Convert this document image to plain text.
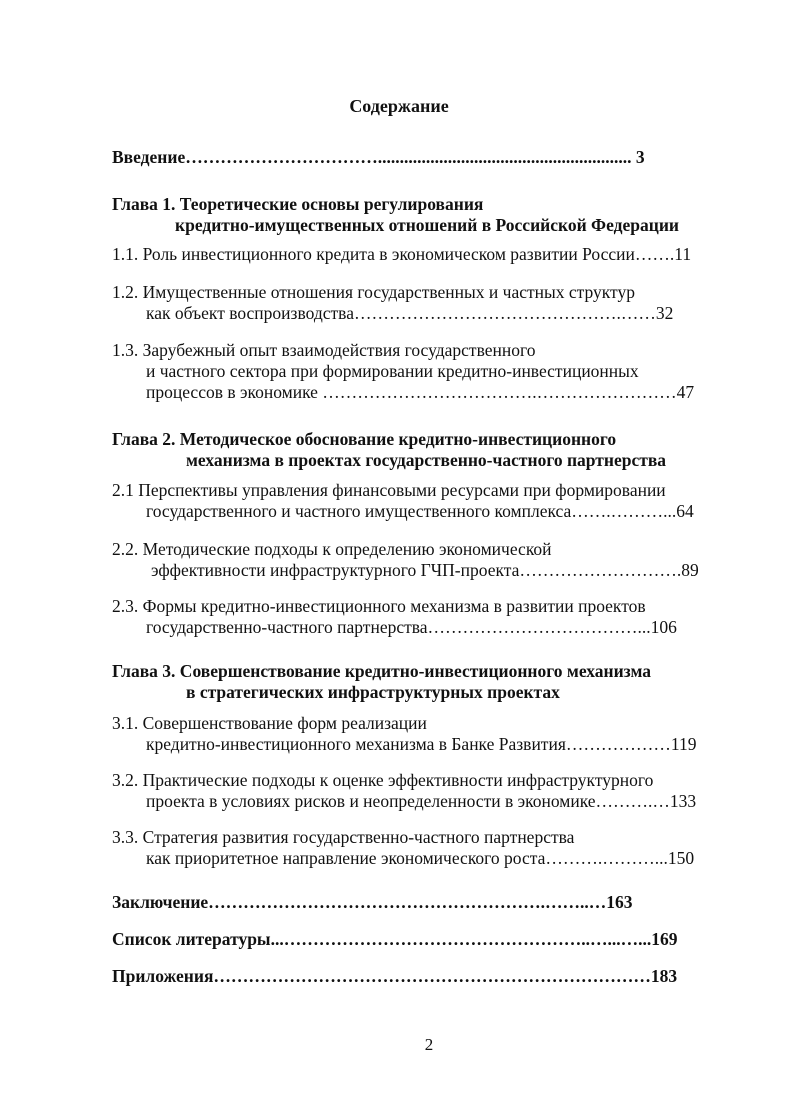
Содержание
Введение…………………………….......................................................... 3
Глава 1. Теоретические основы регулирования
кредитно-имущественных отношений в Российской Федерации
1.1. Роль инвестиционного кредита в экономическом развитии России…….11
1.2. Имущественные отношения государственных и частных структур
как объект воспроизводства……………………………………….……32
1.3. Зарубежный опыт взаимодействия государственного
и частного сектора при формировании кредитно-инвестиционных
процессов в экономике ……………………………….……………………47
Глава 2. Методическое обоснование кредитно-инвестиционного
механизма в проектах государственно-частного партнерства
2.1 Перспективы управления финансовыми ресурсами при формировании
государственного и частного имущественного комплекса…….………...64
2.2. Методические подходы к определению экономической
эффективности инфраструктурного ГЧП-проекта……………………….89
2.3. Формы кредитно-инвестиционного механизма в развитии проектов
государственно-частного партнерства………………………………...106
Глава 3. Совершенствование кредитно-инвестиционного механизма
в стратегических инфраструктурных проектах
3.1. Совершенствование форм реализации
кредитно-инвестиционного механизма в Банке Развития………………119
3.2. Практические подходы к оценке эффективности инфраструктурного
проекта в условиях рисков и неопределенности в экономике……….…133
3.3. Стратегия развития государственно-частного партнерства
как приоритетное направление экономического роста……….………...150
Заключение………………………………………………….……..…163
Список литературы...……………………………………………..…...…...169
Приложения…………………………………………………………………183
2
